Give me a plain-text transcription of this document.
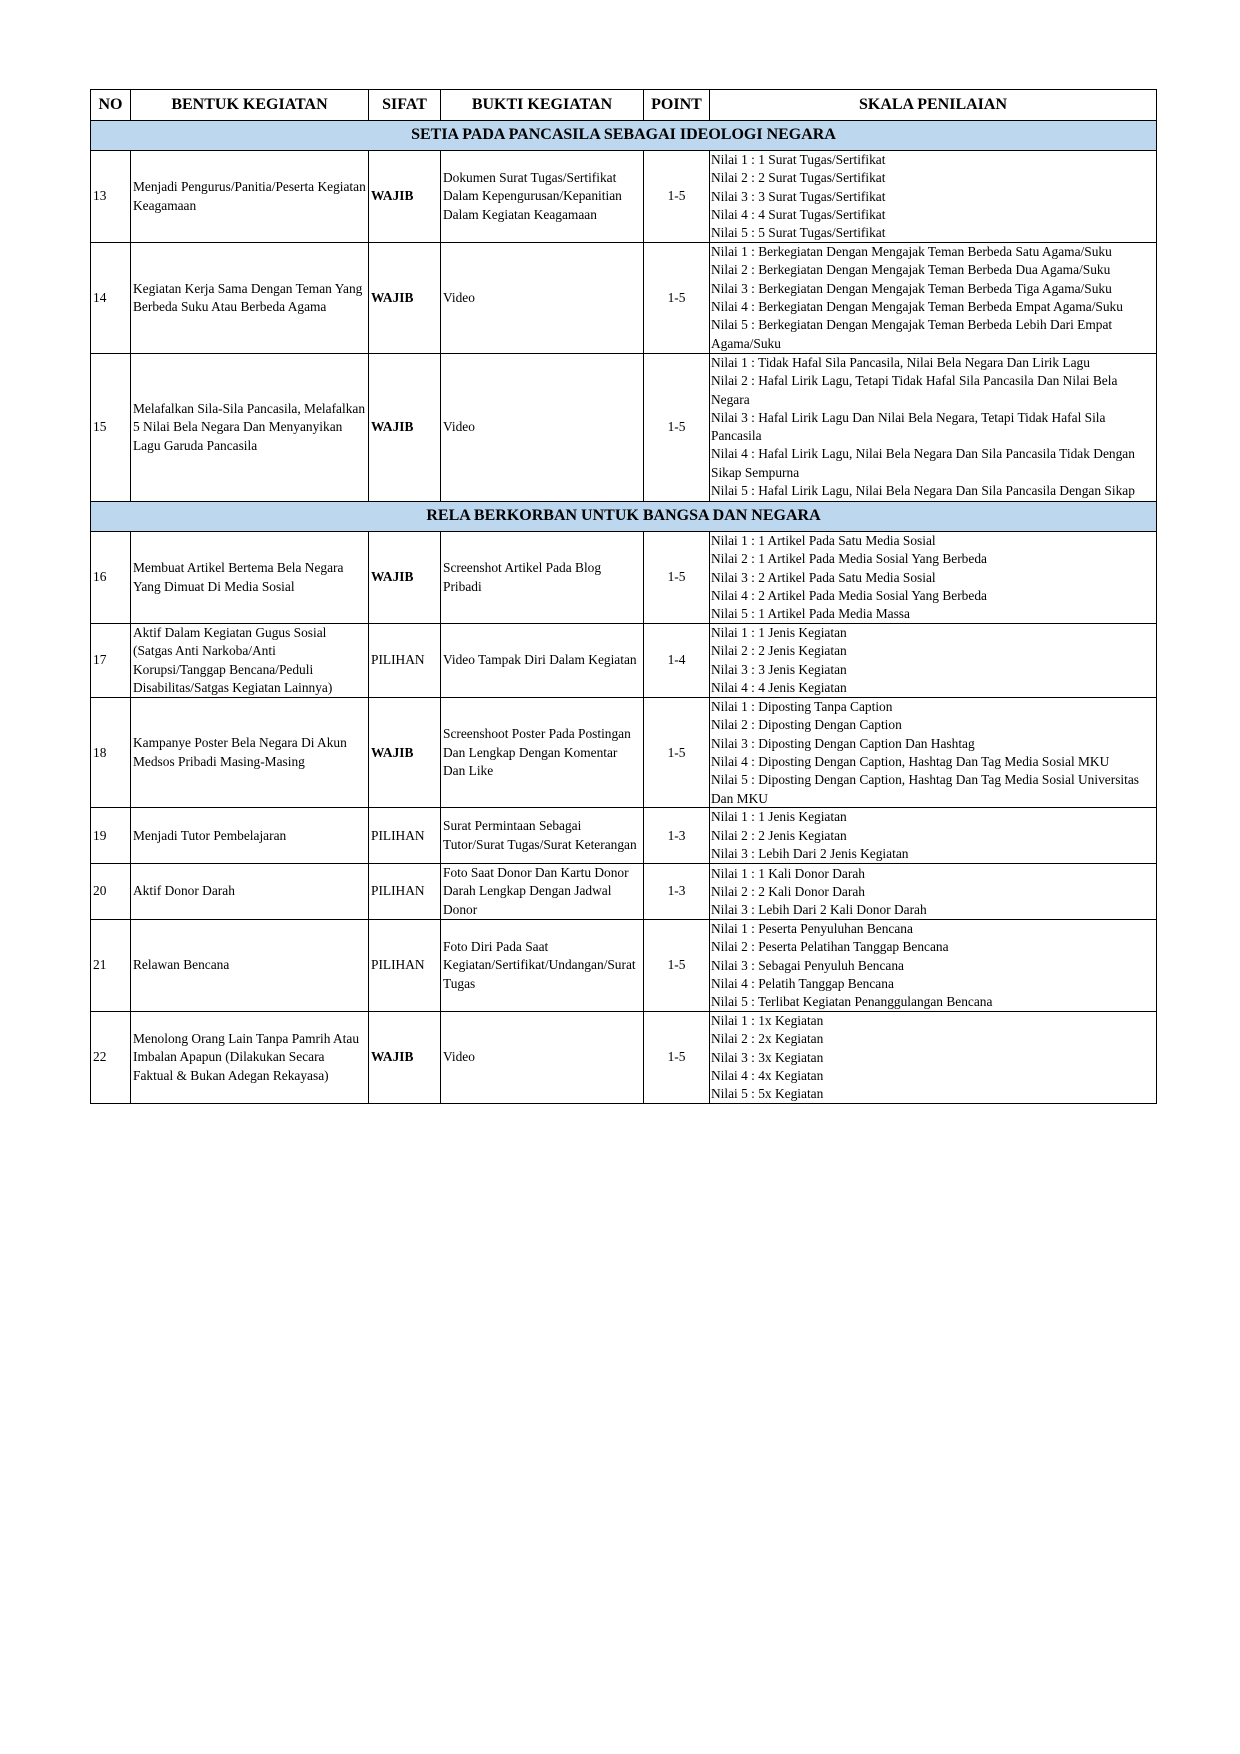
NO	BENTUK KEGIATAN	SIFAT	BUKTI KEGIATAN	POINT	SKALA PENILAIAN
SETIA PADA PANCASILA SEBAGAI IDEOLOGI NEGARA					
13	Menjadi Pengurus/Panitia/Peserta Kegiatan Keagamaan	WAJIB	Dokumen Surat Tugas/Sertifikat Dalam Kepengurusan/Kepanitian Dalam Kegiatan Keagamaan	1-5	Nilai 1 : 1 Surat Tugas/Sertifikat
Nilai 2 : 2 Surat Tugas/Sertifikat
Nilai 3 : 3 Surat Tugas/Sertifikat
Nilai 4 : 4 Surat Tugas/Sertifikat
Nilai 5 : 5 Surat Tugas/Sertifikat

14	Kegiatan Kerja Sama Dengan Teman Yang Berbeda Suku Atau Berbeda Agama	WAJIB	Video	1-5	Nilai 1 : Berkegiatan Dengan Mengajak Teman Berbeda Satu Agama/Suku
Nilai 2 : Berkegiatan Dengan Mengajak Teman Berbeda Dua Agama/Suku
Nilai 3 : Berkegiatan Dengan Mengajak Teman Berbeda Tiga Agama/Suku
Nilai 4 : Berkegiatan Dengan Mengajak Teman Berbeda Empat Agama/Suku
Nilai 5 : Berkegiatan Dengan Mengajak Teman Berbeda Lebih Dari Empat Agama/Suku

15	Melafalkan Sila-Sila Pancasila, Melafalkan 5 Nilai Bela Negara Dan Menyanyikan Lagu Garuda Pancasila	WAJIB	Video	1-5	Nilai 1 : Tidak Hafal Sila Pancasila, Nilai Bela Negara Dan Lirik Lagu
Nilai 2 : Hafal Lirik Lagu, Tetapi Tidak Hafal Sila Pancasila Dan Nilai Bela Negara
Nilai 3 : Hafal Lirik Lagu Dan Nilai Bela Negara, Tetapi Tidak Hafal Sila Pancasila
Nilai 4 : Hafal Lirik Lagu, Nilai Bela Negara Dan Sila Pancasila Tidak Dengan Sikap Sempurna
Nilai 5 : Hafal Lirik Lagu, Nilai Bela Negara Dan Sila Pancasila Dengan Sikap

RELA BERKORBAN UNTUK BANGSA DAN NEGARA					
16	Membuat Artikel Bertema Bela Negara Yang Dimuat Di Media Sosial	WAJIB	Screenshot Artikel Pada Blog Pribadi	1-5	Nilai 1 : 1 Artikel Pada Satu Media Sosial
Nilai 2 : 1 Artikel Pada Media Sosial Yang Berbeda
Nilai 3 : 2 Artikel Pada Satu Media Sosial
Nilai 4 : 2 Artikel Pada Media Sosial Yang Berbeda
Nilai 5 : 1 Artikel Pada Media Massa

17	Aktif Dalam Kegiatan Gugus Sosial (Satgas Anti Narkoba/Anti Korupsi/Tanggap Bencana/Peduli Disabilitas/Satgas Kegiatan Lainnya)	PILIHAN	Video Tampak Diri Dalam Kegiatan	1-4	Nilai 1 : 1 Jenis Kegiatan
Nilai 2 : 2 Jenis Kegiatan
Nilai 3 : 3 Jenis Kegiatan
Nilai 4 : 4 Jenis Kegiatan

18	Kampanye Poster Bela Negara Di Akun Medsos Pribadi Masing-Masing	WAJIB	Screenshoot Poster Pada Postingan Dan Lengkap Dengan Komentar Dan Like	1-5	Nilai 1 : Diposting Tanpa Caption
Nilai 2 : Diposting Dengan Caption
Nilai 3 : Diposting Dengan Caption Dan Hashtag
Nilai 4 : Diposting Dengan Caption, Hashtag Dan Tag Media Sosial MKU
Nilai 5 : Diposting Dengan Caption, Hashtag Dan Tag Media Sosial Universitas Dan MKU

19	Menjadi Tutor Pembelajaran	PILIHAN	Surat Permintaan Sebagai Tutor/Surat Tugas/Surat Keterangan	1-3	Nilai 1 : 1 Jenis Kegiatan
Nilai 2 : 2 Jenis Kegiatan
Nilai 3 : Lebih Dari 2 Jenis Kegiatan

20	Aktif Donor Darah	PILIHAN	Foto Saat Donor Dan Kartu Donor Darah Lengkap Dengan Jadwal Donor	1-3	Nilai 1 : 1 Kali Donor Darah
Nilai 2 : 2 Kali Donor Darah
Nilai 3 : Lebih Dari 2 Kali Donor Darah

21	Relawan Bencana	PILIHAN	Foto Diri Pada Saat Kegiatan/Sertifikat/Undangan/Surat Tugas	1-5	Nilai 1 : Peserta Penyuluhan Bencana
Nilai 2 : Peserta Pelatihan Tanggap Bencana
Nilai 3 : Sebagai Penyuluh Bencana
Nilai 4 : Pelatih Tanggap Bencana
Nilai 5 : Terlibat Kegiatan Penanggulangan Bencana

22	Menolong Orang Lain Tanpa Pamrih Atau Imbalan Apapun (Dilakukan Secara Faktual & Bukan Adegan Rekayasa)	WAJIB	Video	1-5	Nilai 1 : 1x Kegiatan
Nilai 2 : 2x Kegiatan
Nilai 3 : 3x Kegiatan
Nilai 4 : 4x Kegiatan
Nilai 5 : 5x Kegiatan
